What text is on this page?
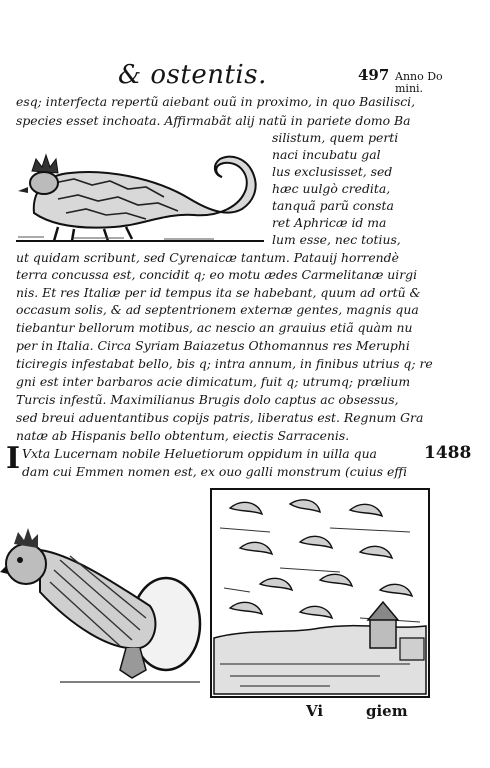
& ostentis.	497 Anno Do mini.
esq; interfecta repertũ aiebant ouũ in proximo, in quo Basilisci,
species esset inchoata. Affirmabãt alij natũ in pariete domo Ba
silistum, quem perti
naci incubatu gal
lus exclusisset, sed
hæc uulgò credita,
tanquã parũ consta
ret Aphricæ id ma
lum esse, nec totius,
ut quidam scribunt, sed Cyrenaicæ tantum. Patauij horrendè
terra concussa est, concidit q; eo motu ædes Carmelitanæ uirgi
nis. Et res Italiæ per id tempus ita se habebant, quum ad ortũ &
occasum solis, & ad septentrionem externæ gentes, magnis qua
tiebantur bellorum motibus, ac nescio an grauius etiã quàm nu
per in Italia. Circa Syriam Baiazetus Othomannus res Meruphi
ticiregis infestabat bello, bis q; intra annum, in finibus utrius q; re
gni est inter barbaros acie dimicatum, fuit q; utrumq; prælium
Turcis infestũ. Maximilianus Brugis dolo captus ac obsessus,
sed breui aduentantibus copijs patris, liberatus est. Regnum Gra
natæ ab Hispanis bello obtentum, eiectis Sarracenis.
I Vxta Lucernam nobile Heluetiorum oppidum in uilla qua
dam cui Emmen nomen est, ex ouo galli monstrum (cuius effi
1488
Vi	giem
